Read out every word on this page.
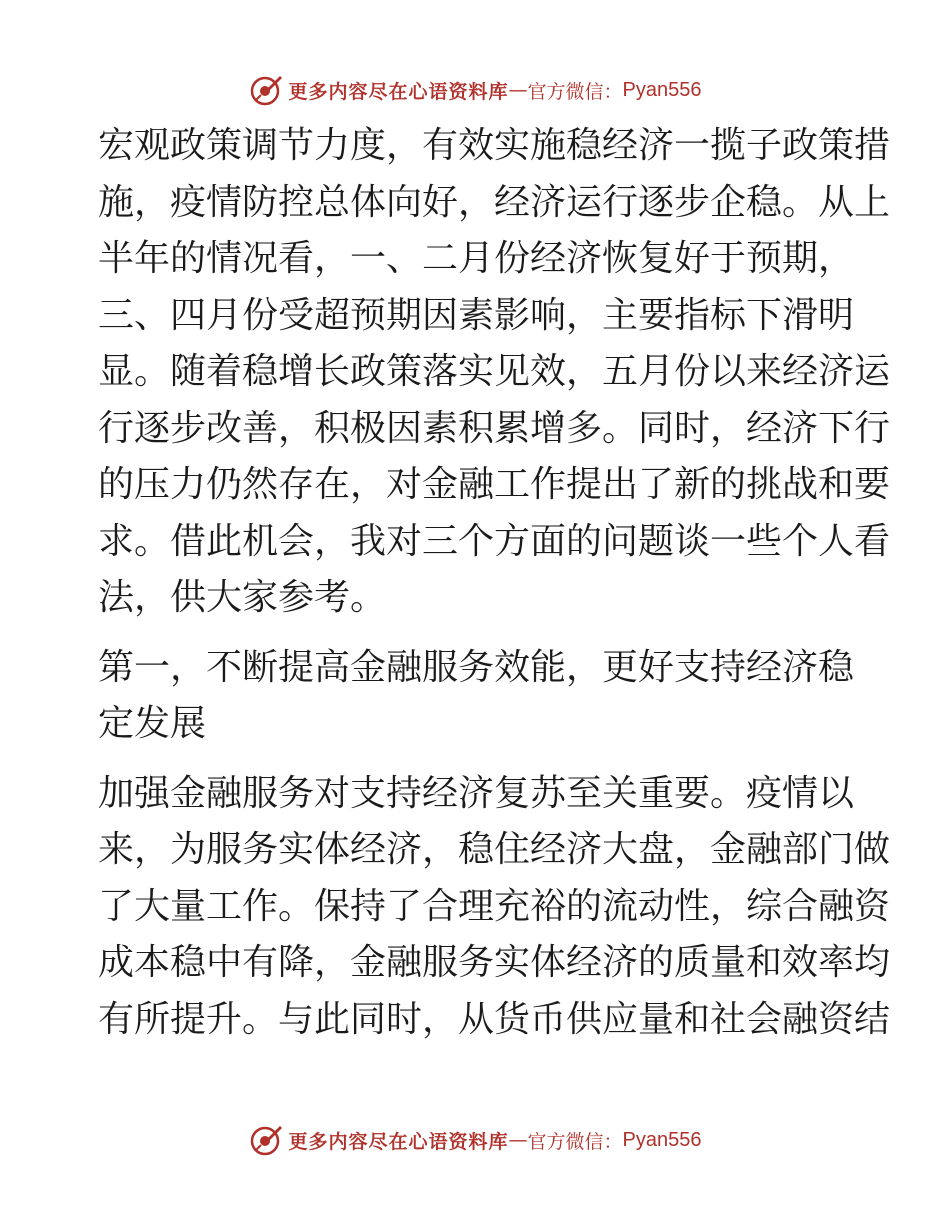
更多内容尽在心语资料库 — 官方微信： Pyan556
宏观政策调节力度，有效实施稳经济一揽子政策措
施，疫情防控总体向好，经济运行逐步企稳。从上
半年的情况看，一、二月份经济恢复好于预期，
三、四月份受超预期因素影响，主要指标下滑明
显。随着稳增长政策落实见效，五月份以来经济运
行逐步改善，积极因素积累增多。同时，经济下行
的压力仍然存在，对金融工作提出了新的挑战和要
求。借此机会，我对三个方面的问题谈一些个人看
法，供大家参考。
第一，不断提高金融服务效能，更好支持经济稳
定发展
加强金融服务对支持经济复苏至关重要。疫情以
来，为服务实体经济，稳住经济大盘，金融部门做
了大量工作。保持了合理充裕的流动性，综合融资
成本稳中有降，金融服务实体经济的质量和效率均
有所提升。与此同时，从货币供应量和社会融资结
更多内容尽在心语资料库 — 官方微信： Pyan556
